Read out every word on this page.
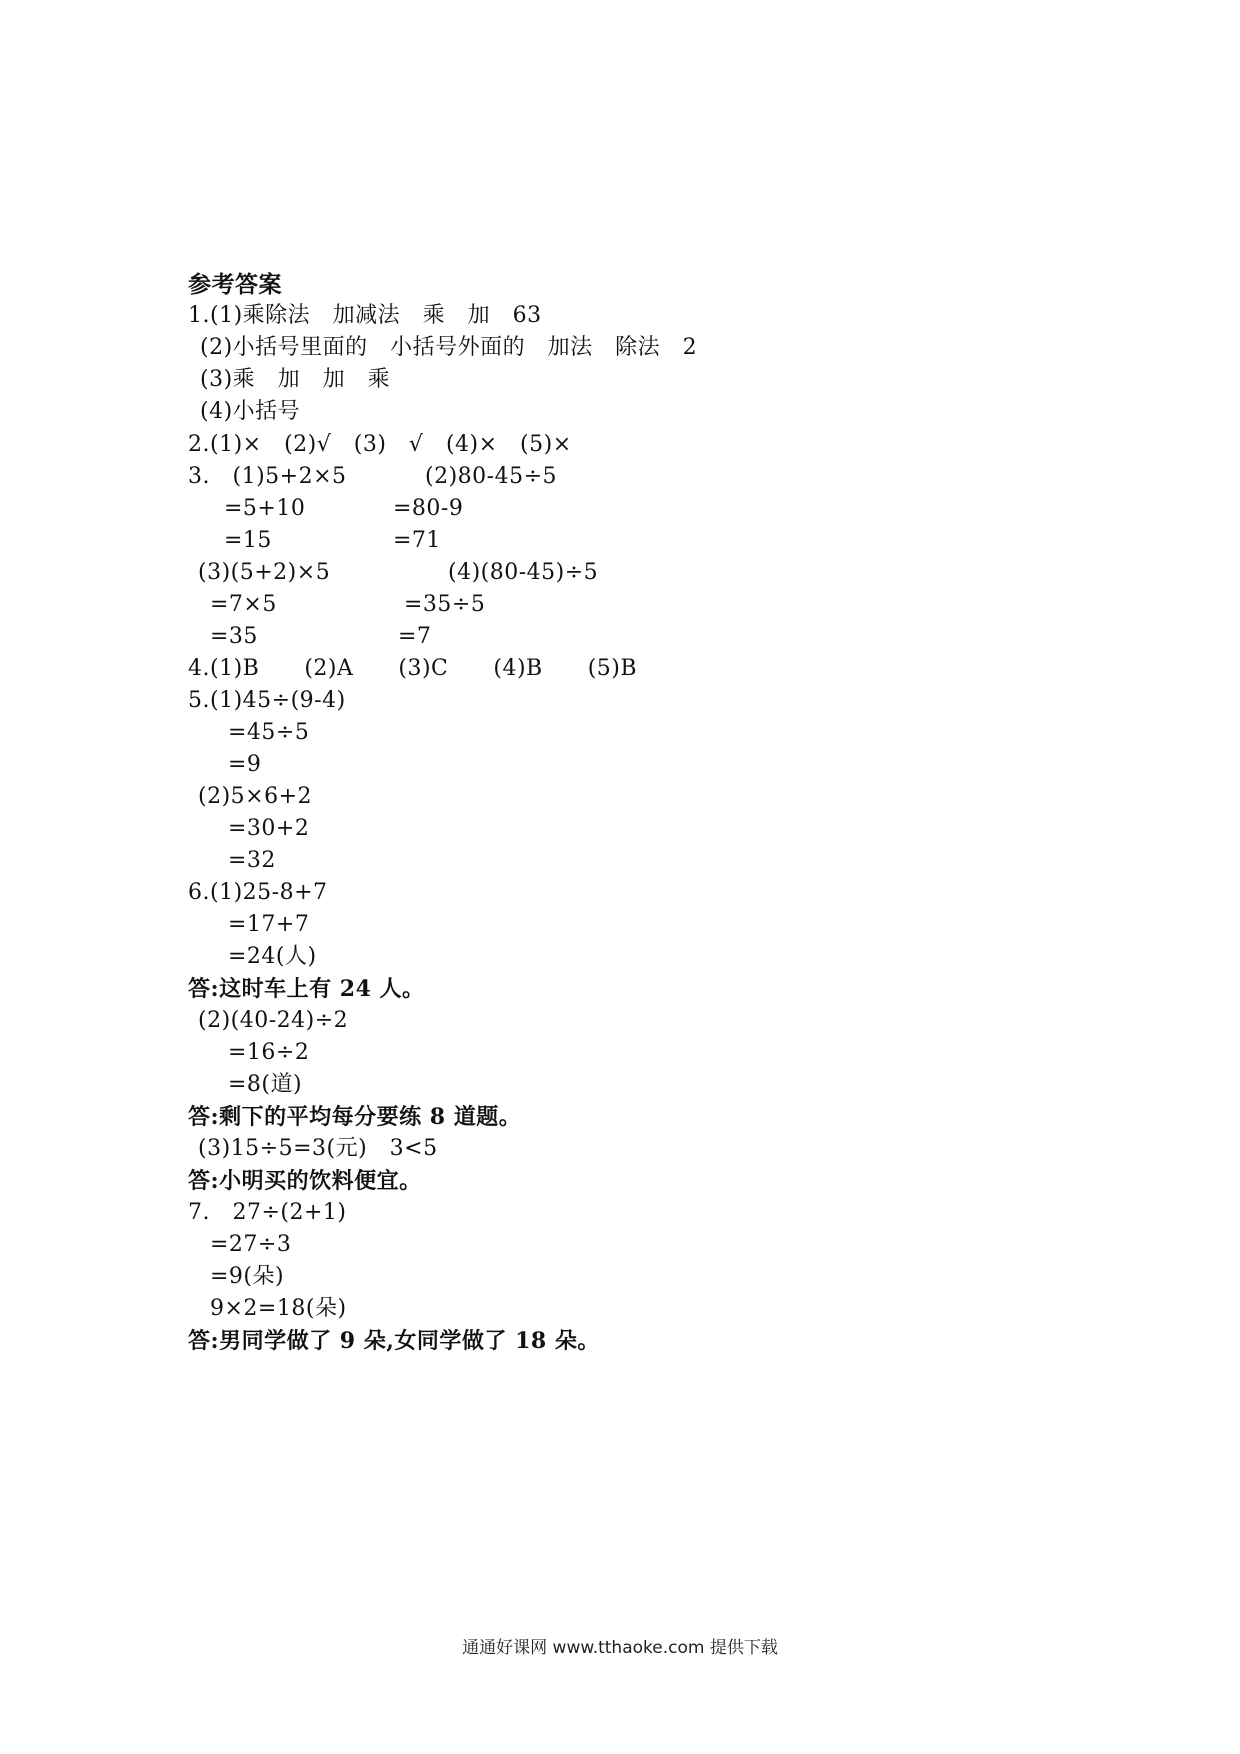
参考答案
1.(1)乘除法　加减法　乘　加　63
(2)小括号里面的　小括号外面的　加法　除法　2
(3)乘　加　加　乘
(4)小括号
2.(1)×　(2)√　(3)　√　(4)×　(5)×
3.　(1)5+2×5	(2)80-45÷5
=5+10	=80-9
=15	=71
(3)(5+2)×5	(4)(80-45)÷5
=7×5	=35÷5
=35	=7
4.(1)B　　(2)A　　(3)C　　(4)B　　(5)B
5.(1)45÷(9-4)
=45÷5
=9
(2)5×6+2
=30+2
=32
6.(1)25-8+7
=17+7
=24(人)
答:这时车上有 24 人。
(2)(40-24)÷2
=16÷2
=8(道)
答:剩下的平均每分要练 8 道题。
(3)15÷5=3(元)　3<5
答:小明买的饮料便宜。
7.　27÷(2+1)
=27÷3
=9(朵)
9×2=18(朵)
答:男同学做了 9 朵,女同学做了 18 朵。
通通好课网 www.tthaoke.com 提供下载
